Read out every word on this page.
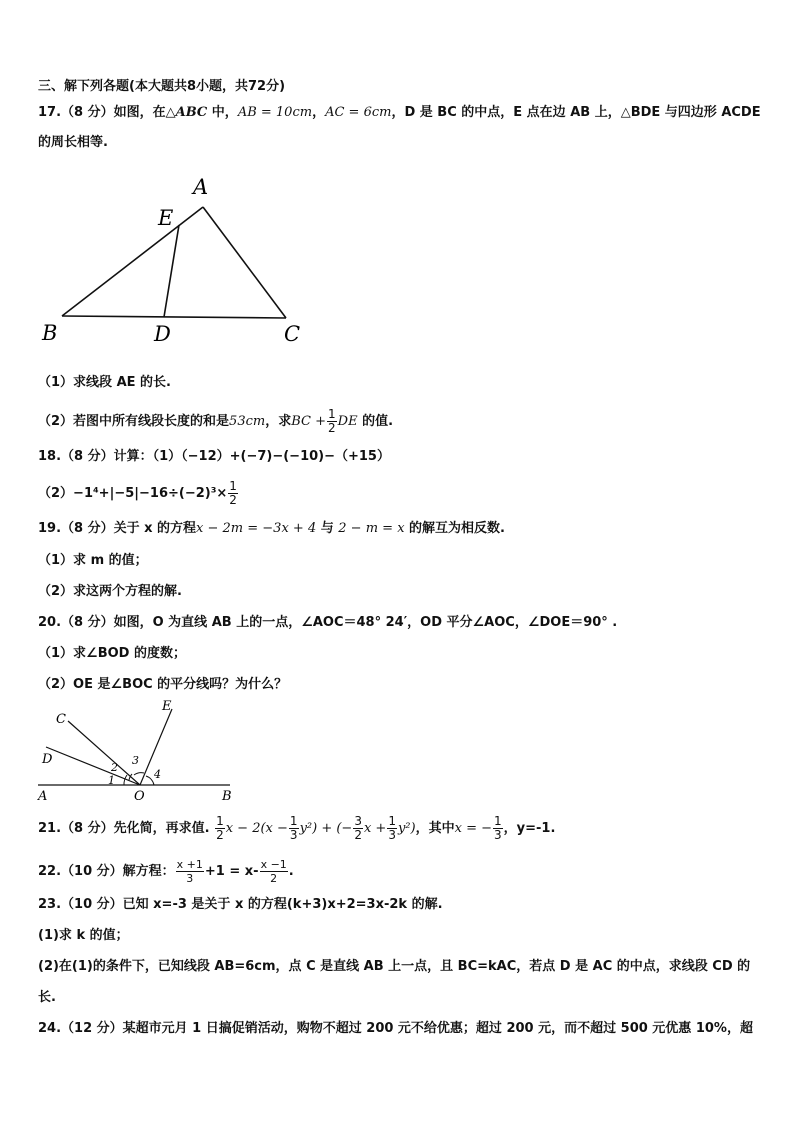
三、解下列各题(本大题共8小题，共72分)
17.（8 分）如图，在△ABC 中，AB = 10cm，AC = 6cm，D 是 BC 的中点，E 点在边 AB 上，△BDE 与四边形 ACDE
的周长相等.
A
E
B	D	C
（1）求线段 AE 的长.
（2）若图中所有线段长度的和是53cm，求BC + $\frac{1}{2}$ DE 的值.
18.（8 分）计算：（1）（−12）+(−7)−(−10)−（+15）
$(2)-1^4+|-5|-16\div(-2)^3\times \frac{1}{2}$
19.（8 分）关于 x 的方程x − 2m = −3x + 4 与 2 − m = x 的解互为相反数.
（1）求 m 的值；
（2）求这两个方程的解.
20.（8 分）如图，O 为直线 AB 上的一点，∠AOC＝48° 24′，OD 平分∠AOC，∠DOE＝90° .
（1）求∠BOD 的度数；
（2）OE 是∠BOC 的平分线吗？为什么？
C
E
D
2
3
1	4
A	O	B
21.（8 分）先化简，再求值. $\frac{1}{2}$ $x - 2(x - \frac{1}{3} y^2)$ + (− $\frac{3}{2}$ $x + \frac{1}{3} y^2$)，其中x = − $\frac{1}{3}$ ，y=-1.
22.（10 分）解方程： $\frac{x +1}{3} +1 = x- \frac{x -1}{2}$ .
23.（10 分）已知 x=-3 是关于 x 的方程(k+3)x+2=3x-2k 的解.
(1)求 k 的值；
(2)在(1)的条件下，已知线段 AB=6cm，点 C 是直线 AB 上一点，且 BC=kAC，若点 D 是 AC 的中点，求线段 CD 的
长.
24.（12 分）某超市元月 1 日搞促销活动，购物不超过 200 元不给优惠；超过 200 元，而不超过 500 元优惠 10%，超
